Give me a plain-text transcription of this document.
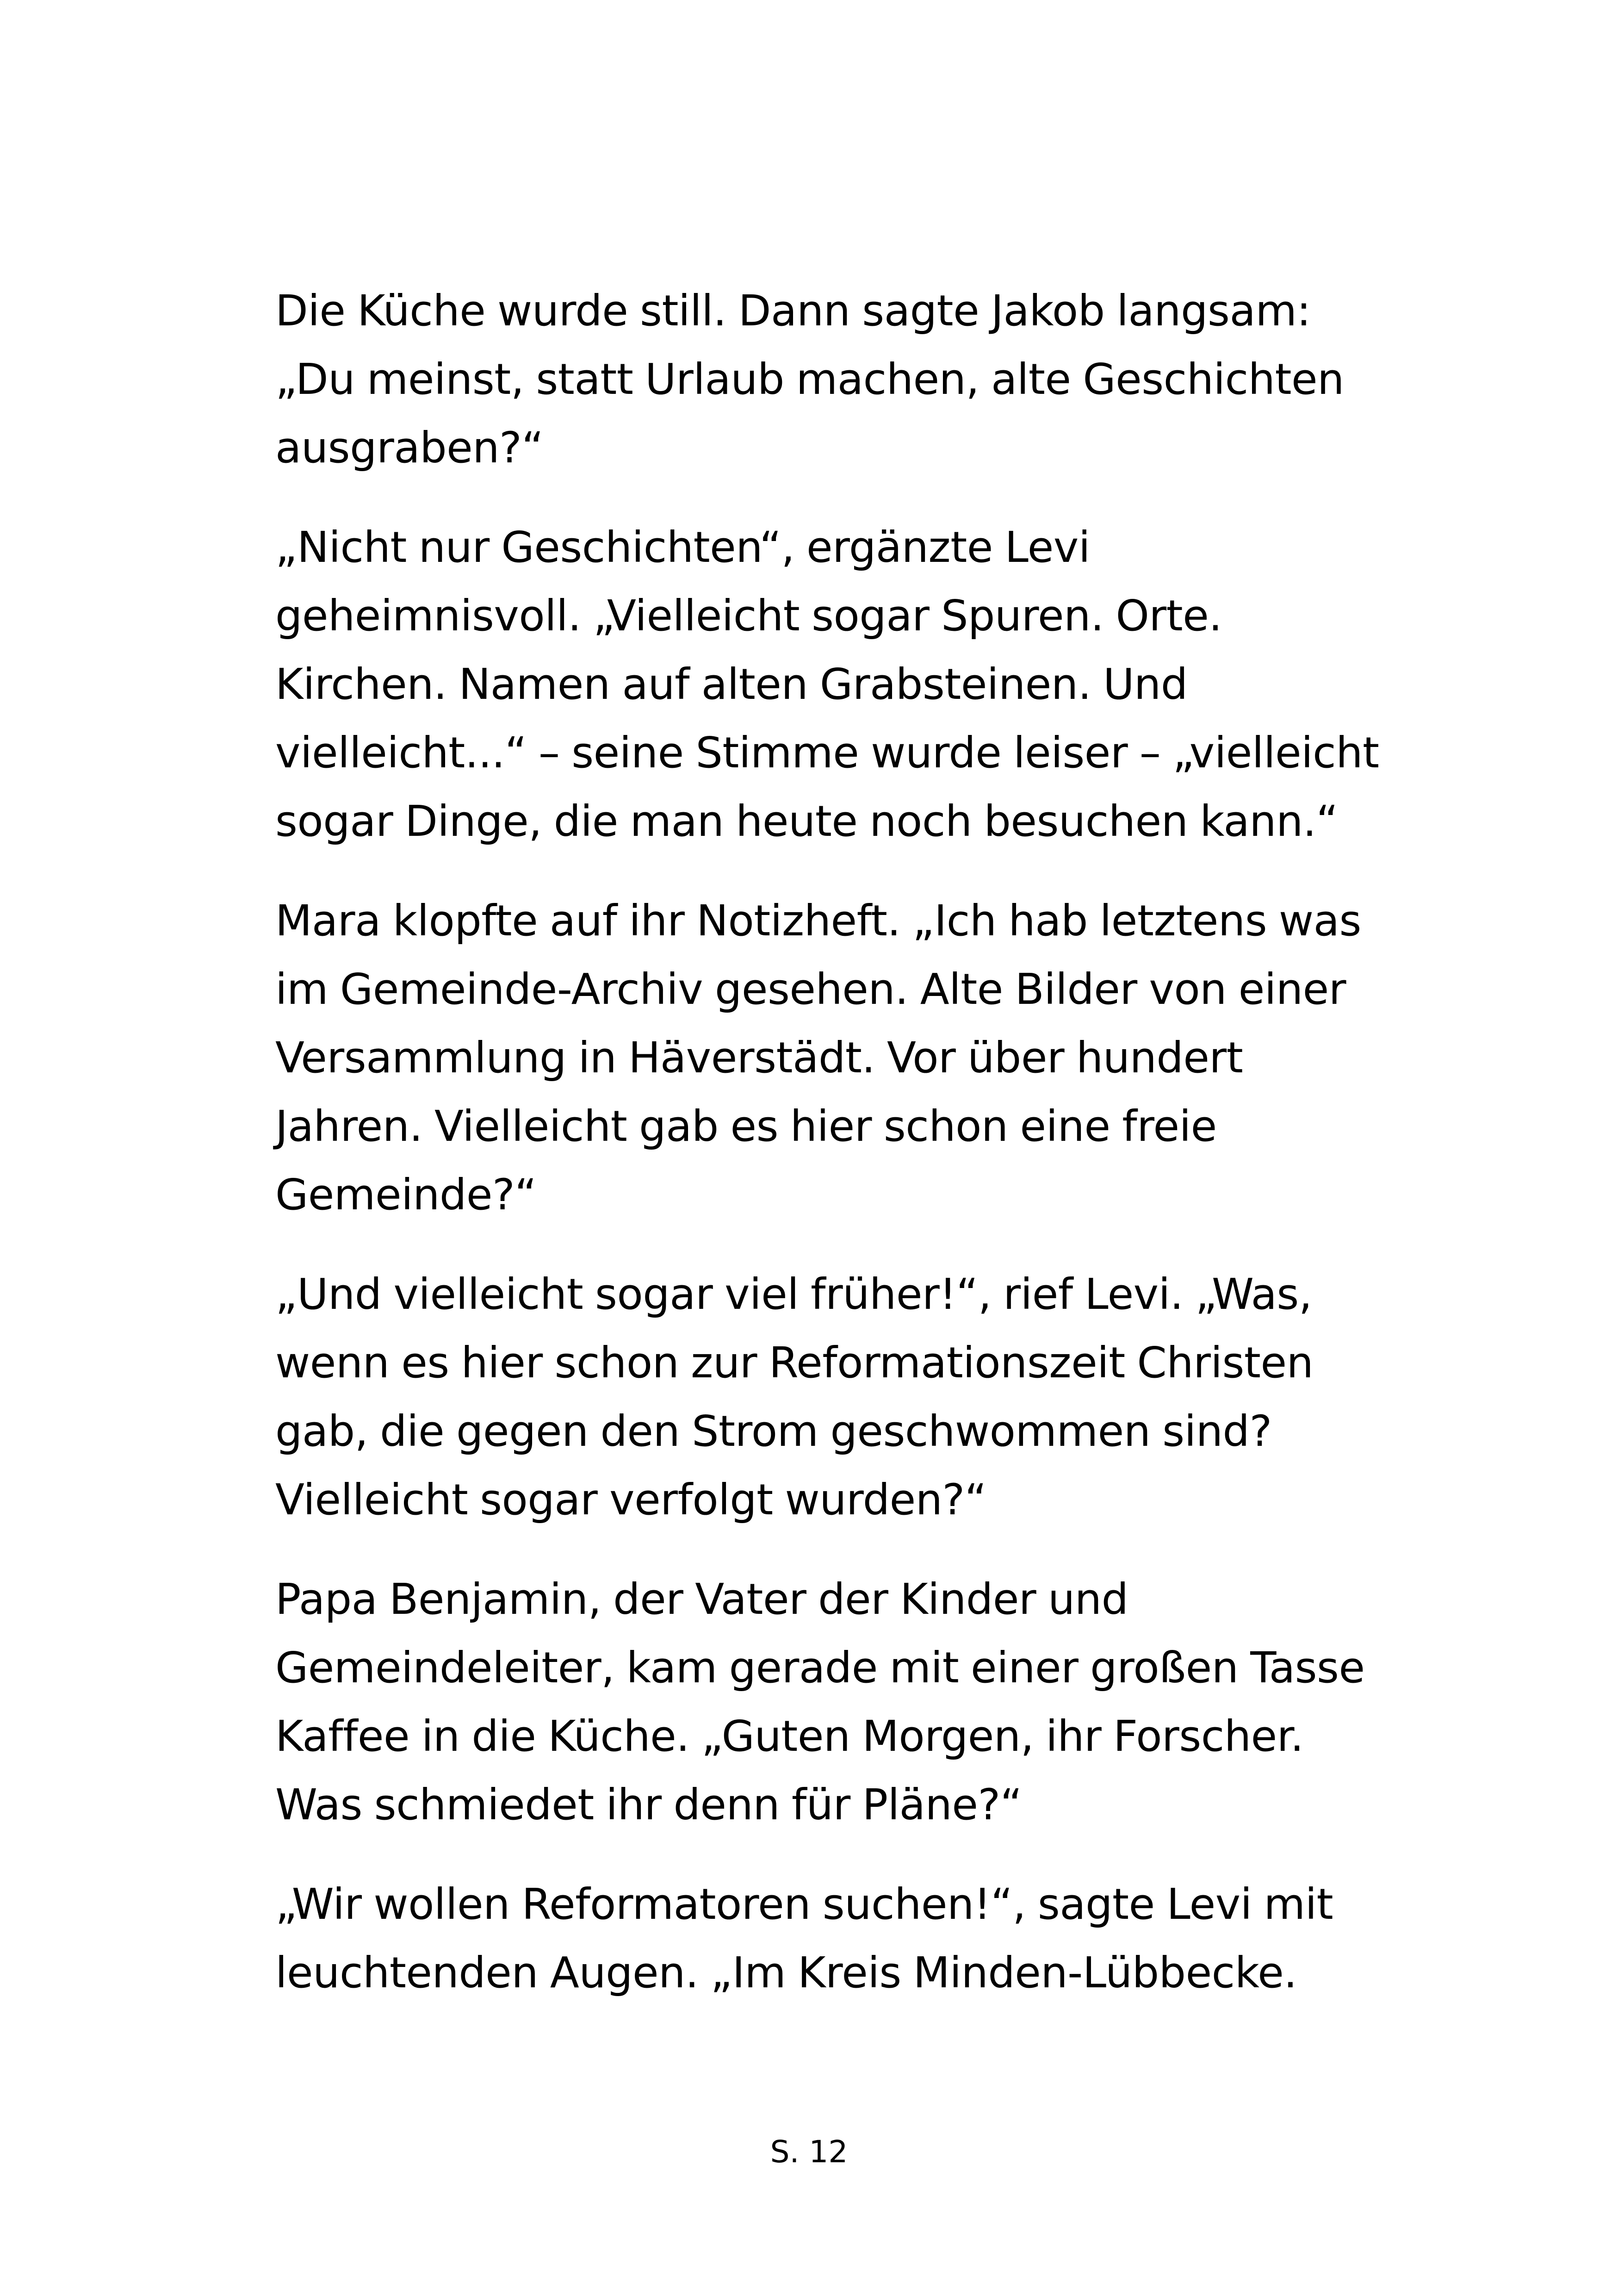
Die Küche wurde still. Dann sagte Jakob langsam:
„Du meinst, statt Urlaub machen, alte Geschichten
ausgraben?“

„Nicht nur Geschichten“, ergänzte Levi
geheimnisvoll. „Vielleicht sogar Spuren. Orte.
Kirchen. Namen auf alten Grabsteinen. Und
vielleicht...“ – seine Stimme wurde leiser – „vielleicht
sogar Dinge, die man heute noch besuchen kann.“

Mara klopfte auf ihr Notizheft. „Ich hab letztens was
im Gemeinde-Archiv gesehen. Alte Bilder von einer
Versammlung in Häverstädt. Vor über hundert
Jahren. Vielleicht gab es hier schon eine freie
Gemeinde?“

„Und vielleicht sogar viel früher!“, rief Levi. „Was,
wenn es hier schon zur Reformationszeit Christen
gab, die gegen den Strom geschwommen sind?
Vielleicht sogar verfolgt wurden?“

Papa Benjamin, der Vater der Kinder und
Gemeindeleiter, kam gerade mit einer großen Tasse
Kaffee in die Küche. „Guten Morgen, ihr Forscher.
Was schmiedet ihr denn für Pläne?“

„Wir wollen Reformatoren suchen!“, sagte Levi mit
leuchtenden Augen. „Im Kreis Minden-Lübbecke.

S. 12
